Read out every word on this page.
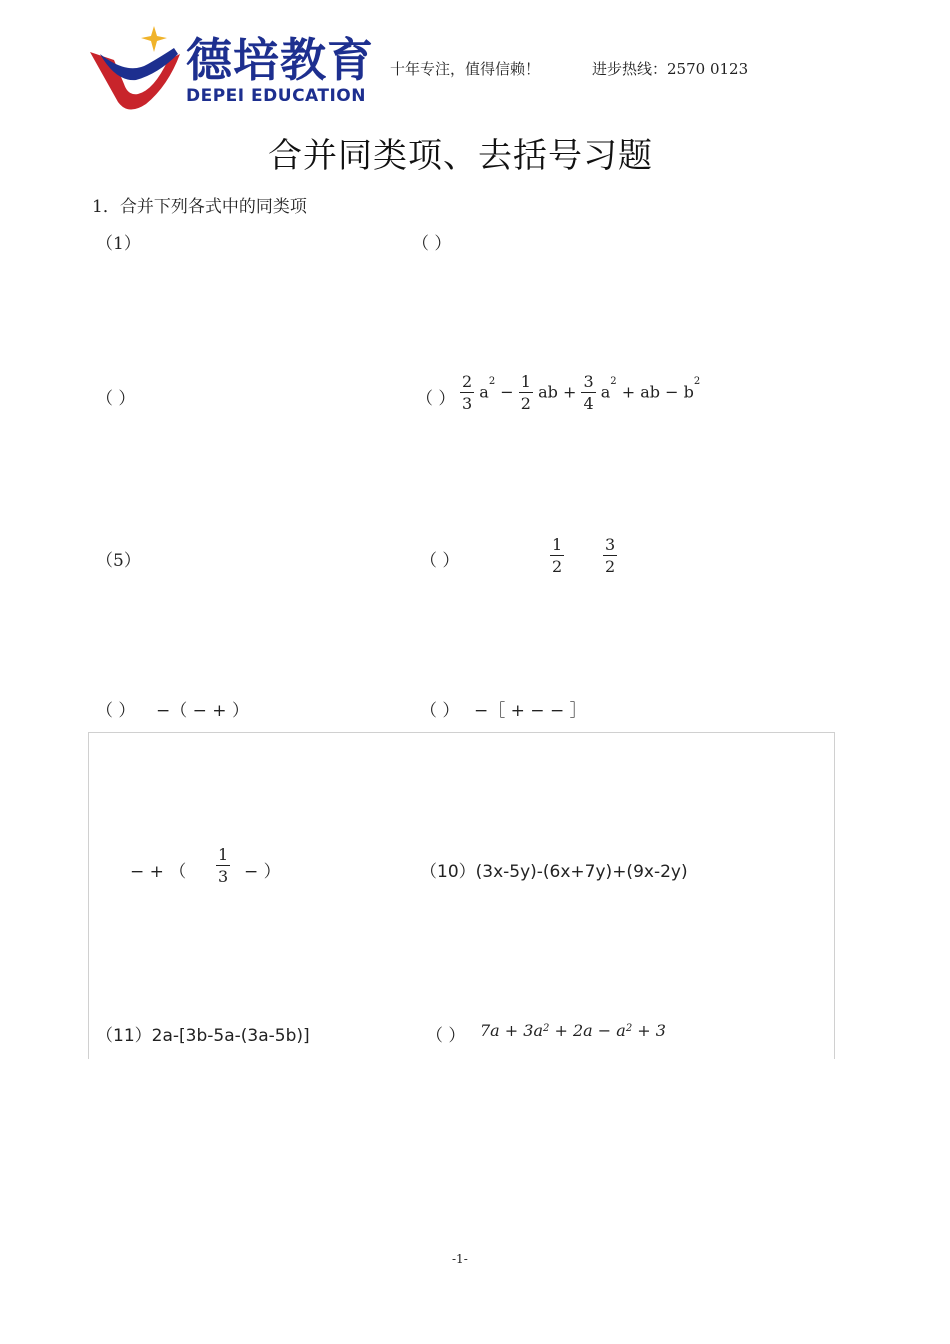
德培教育
DEPEI EDUCATION
十年专注，值得信赖！	进步热线：2570 0123
合并同类项、去括号习题
1．合并下列各式中的同类项
（1）	（ ）
（ ）	（ ） $\frac{2}{3} a^2 - \frac{1}{2}$ ab + $\frac{3}{4} a^2$ + ab − $b^2$
（5）	（ ）	$\frac{1}{2} \frac{3}{2}$
（ ） −（ − + ）	（ ） −［ + − − ］
− + （ $\frac{1}{3}$ − ）	（10）(3x-5y)-(6x+7y)+(9x-2y)
（11）2a-[3b-5a-(3a-5b)]	（ ） $7a + 3a^2 + 2a - a^2 + 3$
-1-
